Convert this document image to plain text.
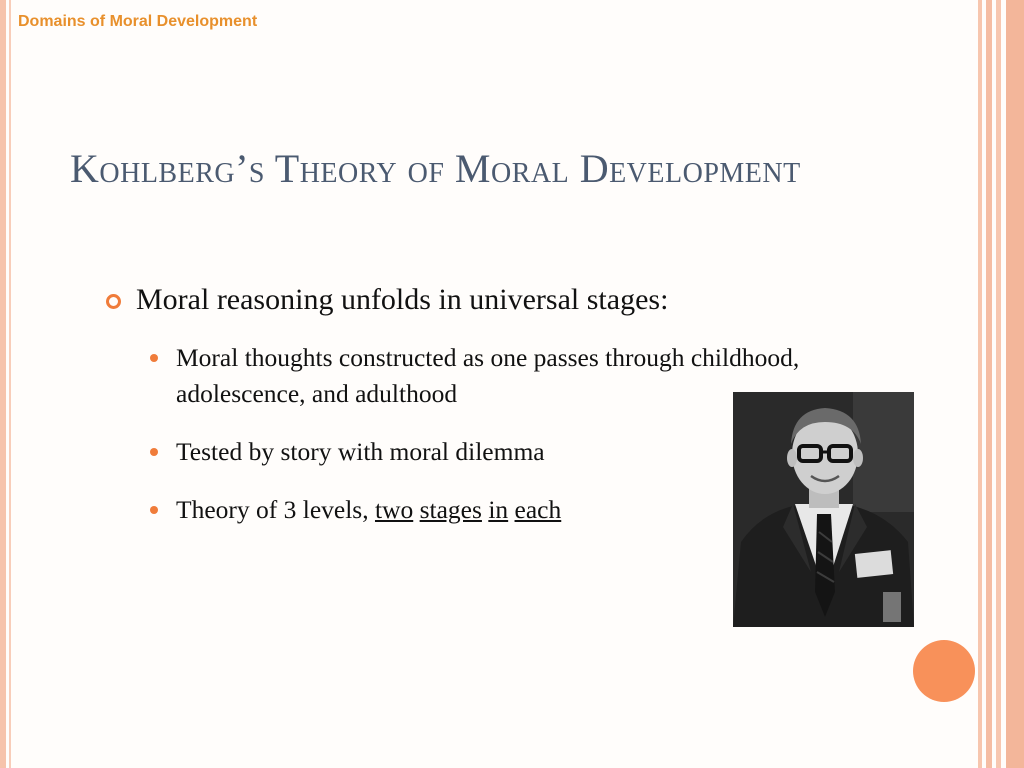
Domains of Moral Development
Kohlberg’s Theory of Moral Development
Moral reasoning unfolds in universal stages:
Moral thoughts constructed as one passes through childhood, adolescence, and adulthood
Tested by story with moral dilemma
Theory of 3 levels, two stages in each
